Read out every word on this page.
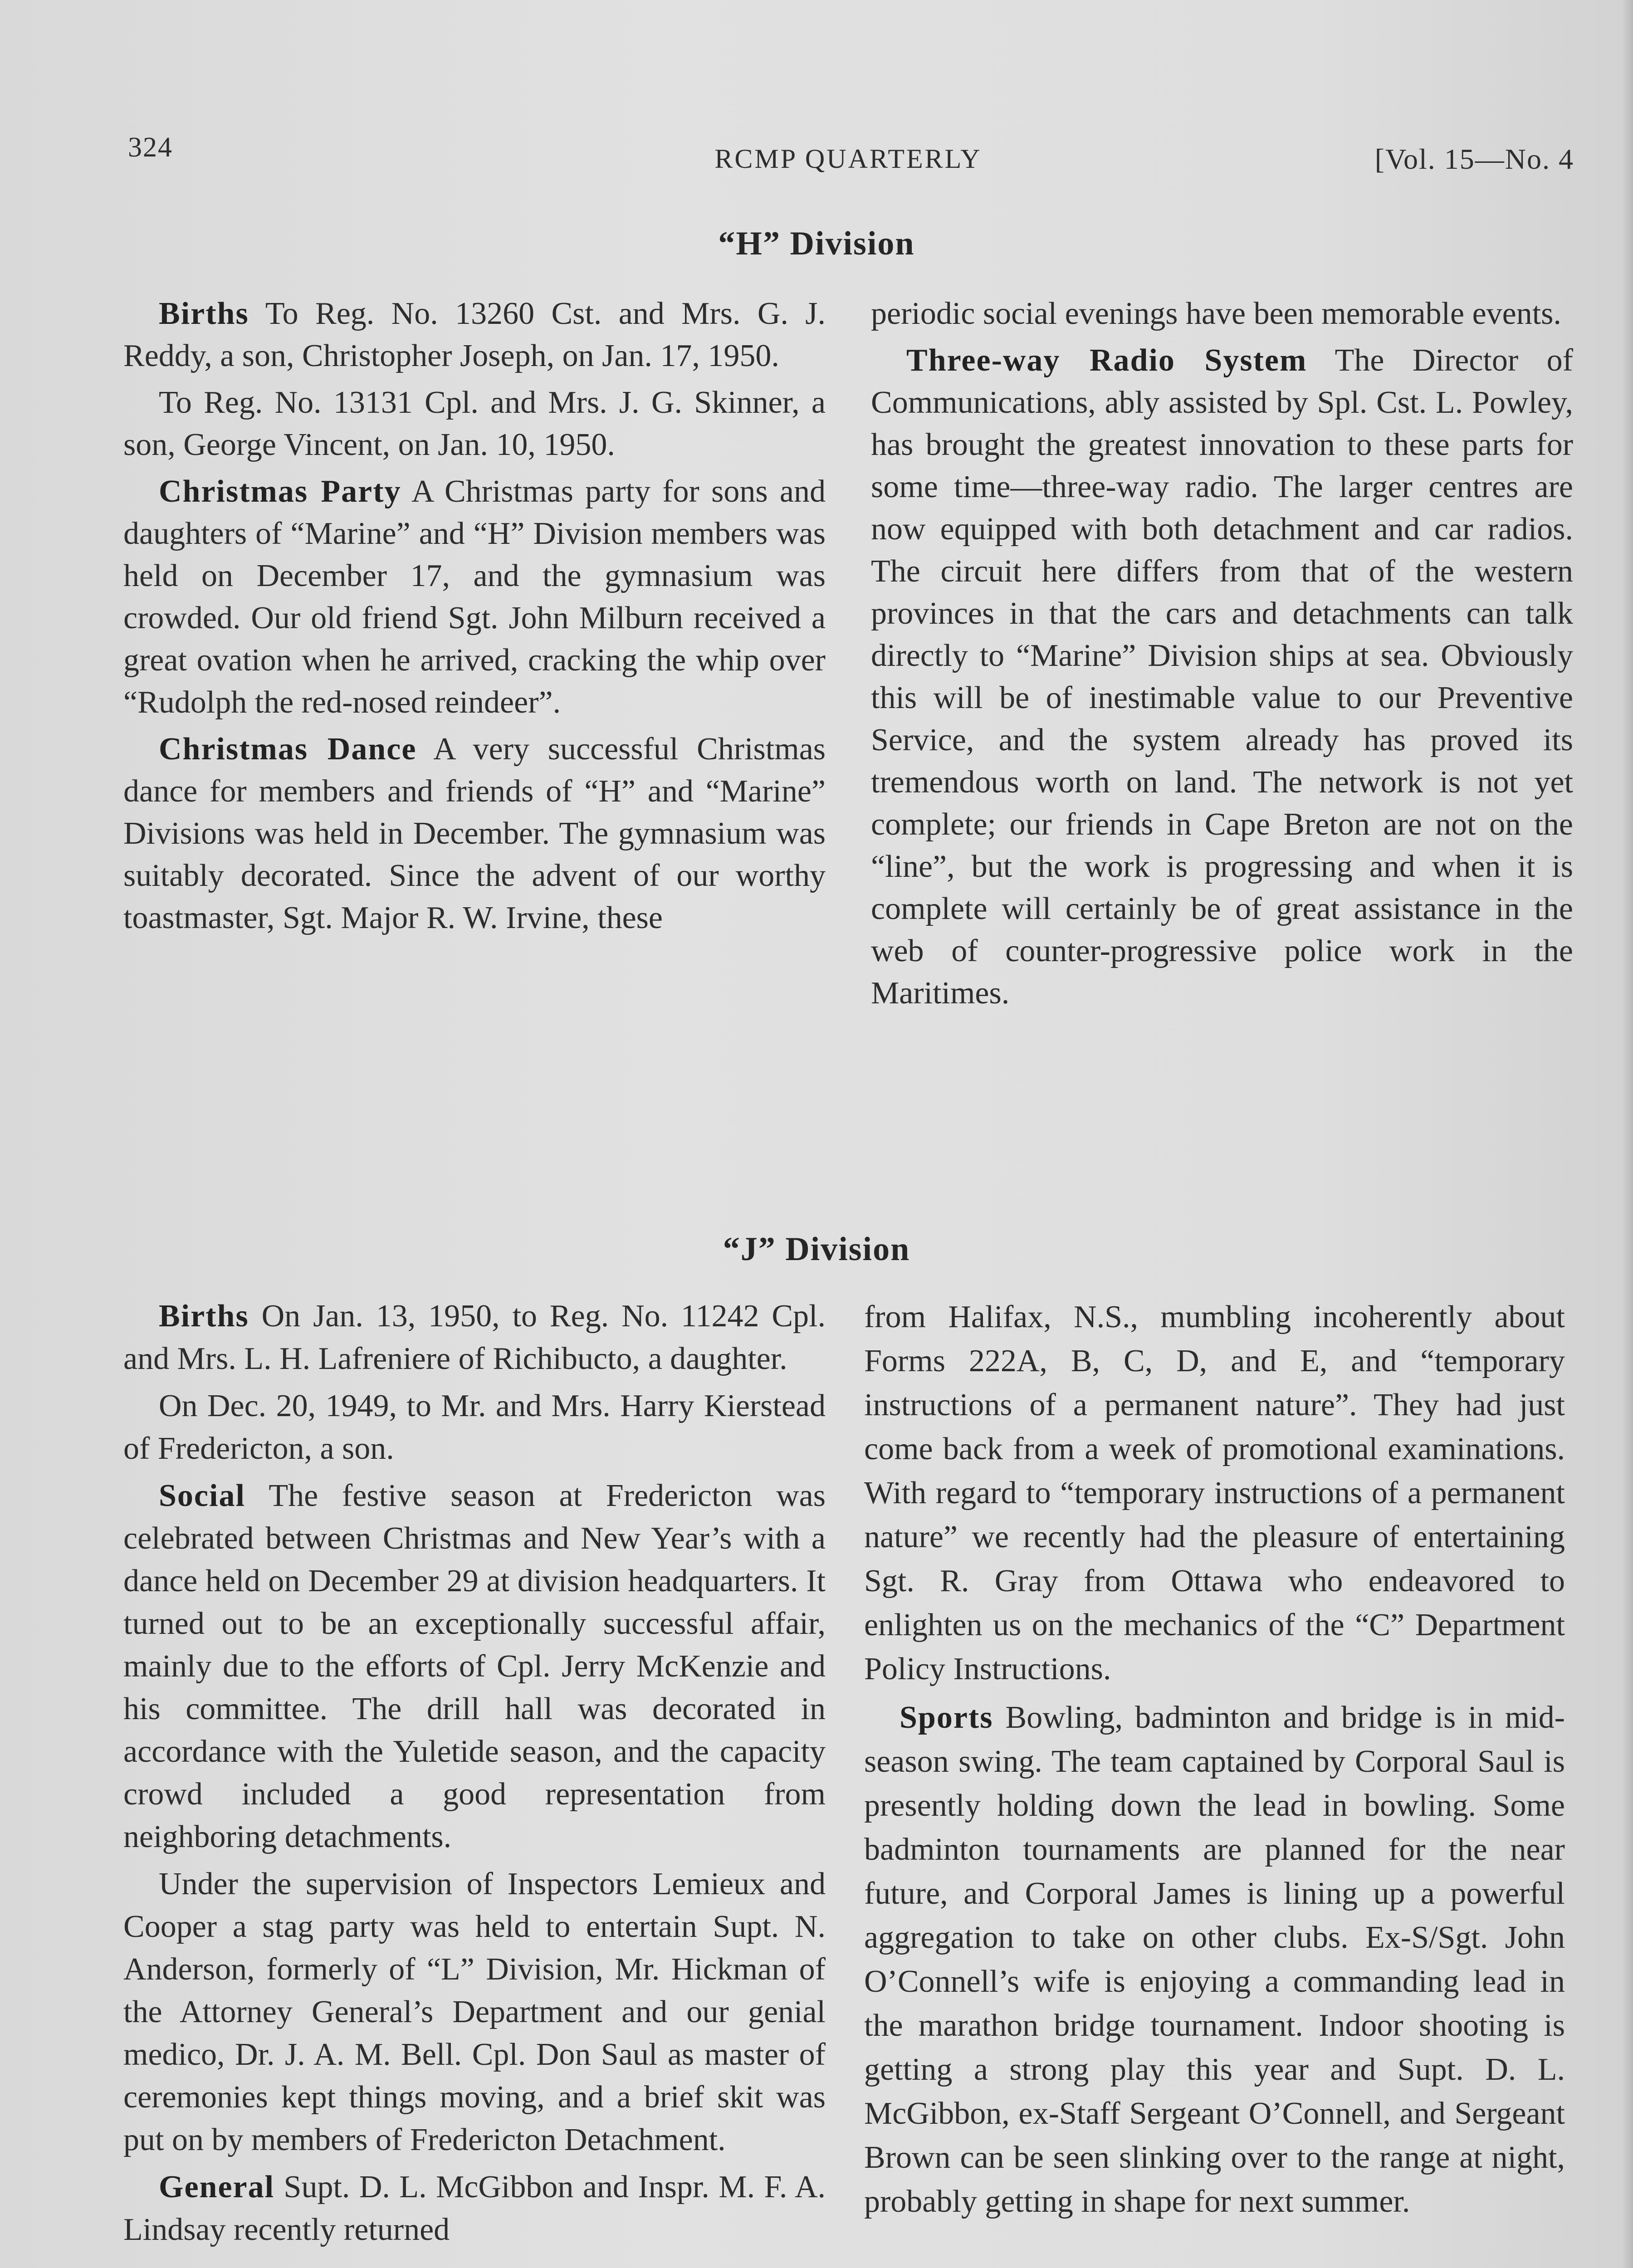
324	RCMP QUARTERLY	[Vol. 15—No. 4
“H” Division

Births To Reg. No. 13260 Cst. and Mrs. G. J. Reddy, a son, Christopher Joseph, on Jan. 17, 1950.

To Reg. No. 13131 Cpl. and Mrs. J. G. Skinner, a son, George Vincent, on Jan. 10, 1950.

Christmas Party A Christmas party for sons and daughters of “Marine” and “H” Division members was held on December 17, and the gymnasium was crowded. Our old friend Sgt. John Milburn received a great ovation when he arrived, cracking the whip over “Rudolph the red-nosed reindeer”.

Christmas Dance A very successful Christmas dance for members and friends of “H” and “Marine” Divisions was held in December. The gymnasium was suitably decorated. Since the advent of our worthy toastmaster, Sgt. Major R. W. Irvine, these

periodic social evenings have been memorable events.

Three-way Radio System The Director of Communications, ably assisted by Spl. Cst. L. Powley, has brought the greatest innovation to these parts for some time—three-way radio. The larger centres are now equipped with both detachment and car radios. The circuit here differs from that of the western provinces in that the cars and detachments can talk directly to “Marine” Division ships at sea. Obviously this will be of inestimable value to our Preventive Service, and the system already has proved its tremendous worth on land. The network is not yet complete; our friends in Cape Breton are not on the “line”, but the work is progressing and when it is complete will certainly be of great assistance in the web of counter-progressive police work in the Maritimes.

“J” Division

Births On Jan. 13, 1950, to Reg. No. 11242 Cpl. and Mrs. L. H. Lafreniere of Richibucto, a daughter.

On Dec. 20, 1949, to Mr. and Mrs. Harry Kierstead of Fredericton, a son.

Social The festive season at Fredericton was celebrated between Christmas and New Year’s with a dance held on December 29 at division headquarters. It turned out to be an exceptionally successful affair, mainly due to the efforts of Cpl. Jerry McKenzie and his committee. The drill hall was decorated in accordance with the Yuletide season, and the capacity crowd included a good representation from neighboring detachments.

Under the supervision of Inspectors Lemieux and Cooper a stag party was held to entertain Supt. N. Anderson, formerly of “L” Division, Mr. Hickman of the Attorney General’s Department and our genial medico, Dr. J. A. M. Bell. Cpl. Don Saul as master of ceremonies kept things moving, and a brief skit was put on by members of Fredericton Detachment.

General Supt. D. L. McGibbon and Inspr. M. F. A. Lindsay recently returned

from Halifax, N.S., mumbling incoherently about Forms 222A, B, C, D, and E, and “temporary instructions of a permanent nature”. They had just come back from a week of promotional examinations. With regard to “temporary instructions of a permanent nature” we recently had the pleasure of entertaining Sgt. R. Gray from Ottawa who endeavored to enlighten us on the mechanics of the “C” Department Policy Instructions.

Sports Bowling, badminton and bridge is in mid-season swing. The team captained by Corporal Saul is presently holding down the lead in bowling. Some badminton tournaments are planned for the near future, and Corporal James is lining up a powerful aggregation to take on other clubs. Ex-S/Sgt. John O’Connell’s wife is enjoying a commanding lead in the marathon bridge tournament. Indoor shooting is getting a strong play this year and Supt. D. L. McGibbon, ex-Staff Sergeant O’Connell, and Sergeant Brown can be seen slinking over to the range at night, probably getting in shape for next summer.
